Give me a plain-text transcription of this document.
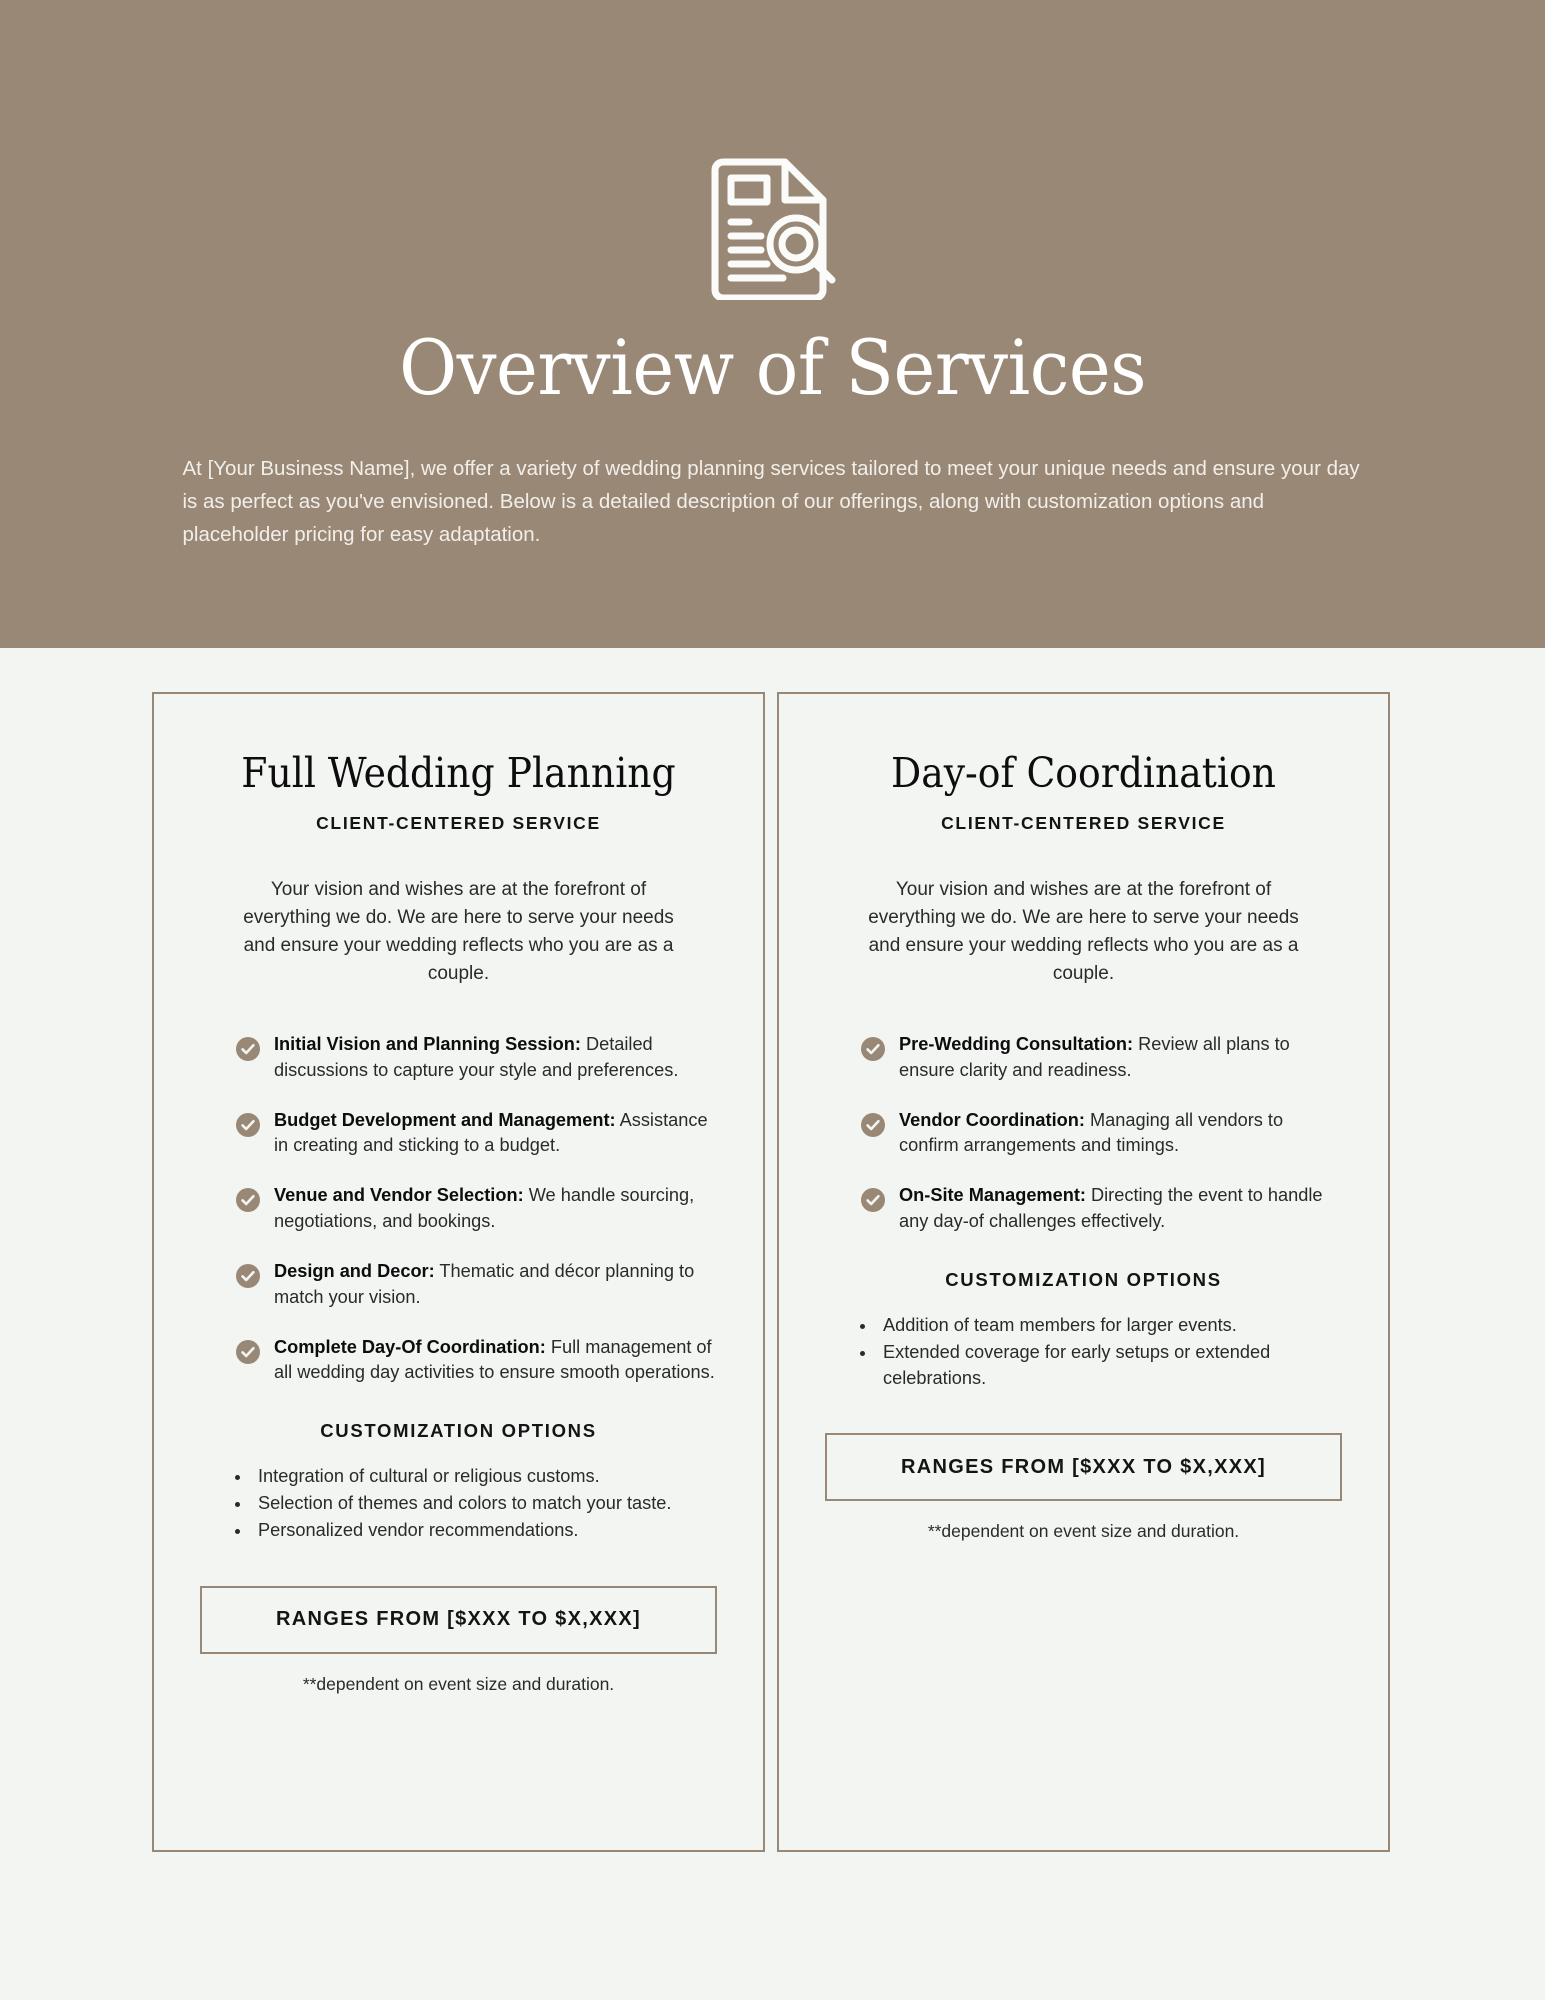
Overview of Services

At [Your Business Name], we offer a variety of wedding planning services tailored to meet your unique needs and ensure your day is as perfect as you've envisioned. Below is a detailed description of our offerings, along with customization options and placeholder pricing for easy adaptation.

Full Wedding Planning
CLIENT-CENTERED SERVICE

Your vision and wishes are at the forefront of everything we do. We are here to serve your needs and ensure your wedding reflects who you are as a couple.

Initial Vision and Planning Session: Detailed discussions to capture your style and preferences.
Budget Development and Management: Assistance in creating and sticking to a budget.
Venue and Vendor Selection: We handle sourcing, negotiations, and bookings.
Design and Decor: Thematic and décor planning to match your vision.
Complete Day-Of Coordination: Full management of all wedding day activities to ensure smooth operations.
CUSTOMIZATION OPTIONS
• Integration of cultural or religious customs.
• Selection of themes and colors to match your taste.
• Personalized vendor recommendations.
RANGES FROM [$XXX TO $X,XXX]
**dependent on event size and duration.
Day-of Coordination
CLIENT-CENTERED SERVICE

Your vision and wishes are at the forefront of everything we do. We are here to serve your needs and ensure your wedding reflects who you are as a couple.

Pre-Wedding Consultation: Review all plans to ensure clarity and readiness.
Vendor Coordination: Managing all vendors to confirm arrangements and timings.
On-Site Management: Directing the event to handle any day-of challenges effectively.
CUSTOMIZATION OPTIONS
• Addition of team members for larger events.
• Extended coverage for early setups or extended celebrations.
RANGES FROM [$XXX TO $X,XXX]
**dependent on event size and duration.
